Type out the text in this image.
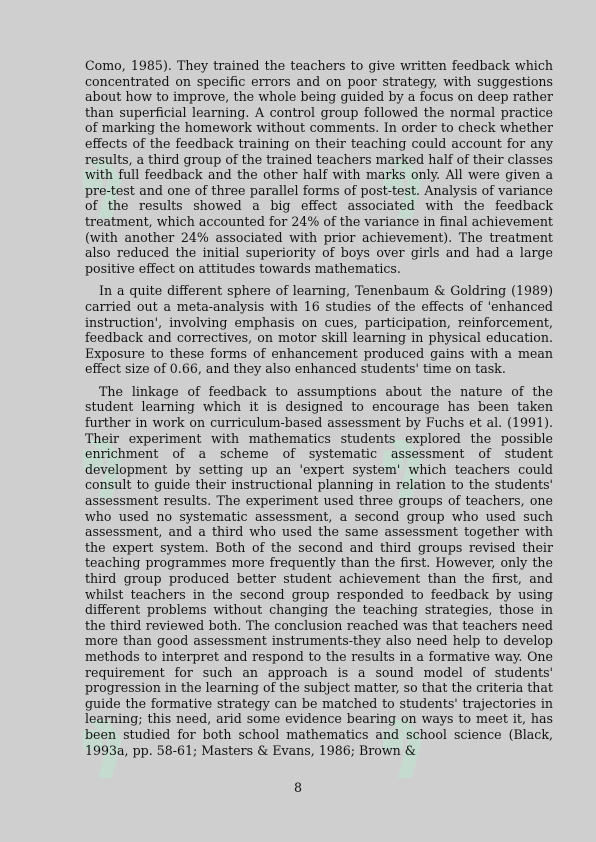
Como, 1985). They trained the teachers to give written feedback which concentrated on specific errors and on poor strategy, with suggestions about how to improve, the whole being guided by a focus on deep rather than superficial learning. A control group followed the normal practice of marking the homework without comments. In order to check whether effects of the feedback training on their teaching could account for any results, a third group of the trained teachers marked half of their classes with full feedback and the other half with marks only. All were given a pre-test and one of three parallel forms of post-test. Analysis of variance of the results showed a big effect associated with the feedback treatment, which accounted for 24% of the variance in final achievement (with another 24% associated with prior achievement). The treatment also reduced the initial superiority of boys over girls and had a large positive effect on attitudes towards mathematics.

In a quite different sphere of learning, Tenenbaum & Goldring (1989) carried out a meta-analysis with 16 studies of the effects of 'enhanced instruction', involving emphasis on cues, participation, reinforcement, feedback and correctives, on motor skill learning in physical education. Exposure to these forms of enhancement produced gains with a mean effect size of 0.66, and they also enhanced students' time on task.

The linkage of feedback to assumptions about the nature of the student learning which it is designed to encourage has been taken further in work on curriculum-based assessment by Fuchs et al. (1991). Their experiment with mathematics students explored the possible enrichment of a scheme of systematic assessment of student development by setting up an 'expert system' which teachers could consult to guide their instructional planning in relation to the students' assessment results. The experiment used three groups of teachers, one who used no systematic assessment, a second group who used such assessment, and a third who used the same assessment together with the expert system. Both of the second and third groups revised their teaching programmes more frequently than the first. However, only the third group produced better student achievement than the first, and whilst teachers in the second group responded to feedback by using different problems without changing the teaching strategies, those in the third reviewed both. The conclusion reached was that teachers need more than good assessment instruments-they also need help to develop methods to interpret and respond to the results in a formative way. One requirement for such an approach is a sound model of students' progression in the learning of the subject matter, so that the criteria that guide the formative strategy can be matched to students' trajectories in learning; this need, arid some evidence bearing on ways to meet it, has been studied for both school mathematics and school science (Black, 1993a, pp. 58-61; Masters & Evans, 1986; Brown &

8
